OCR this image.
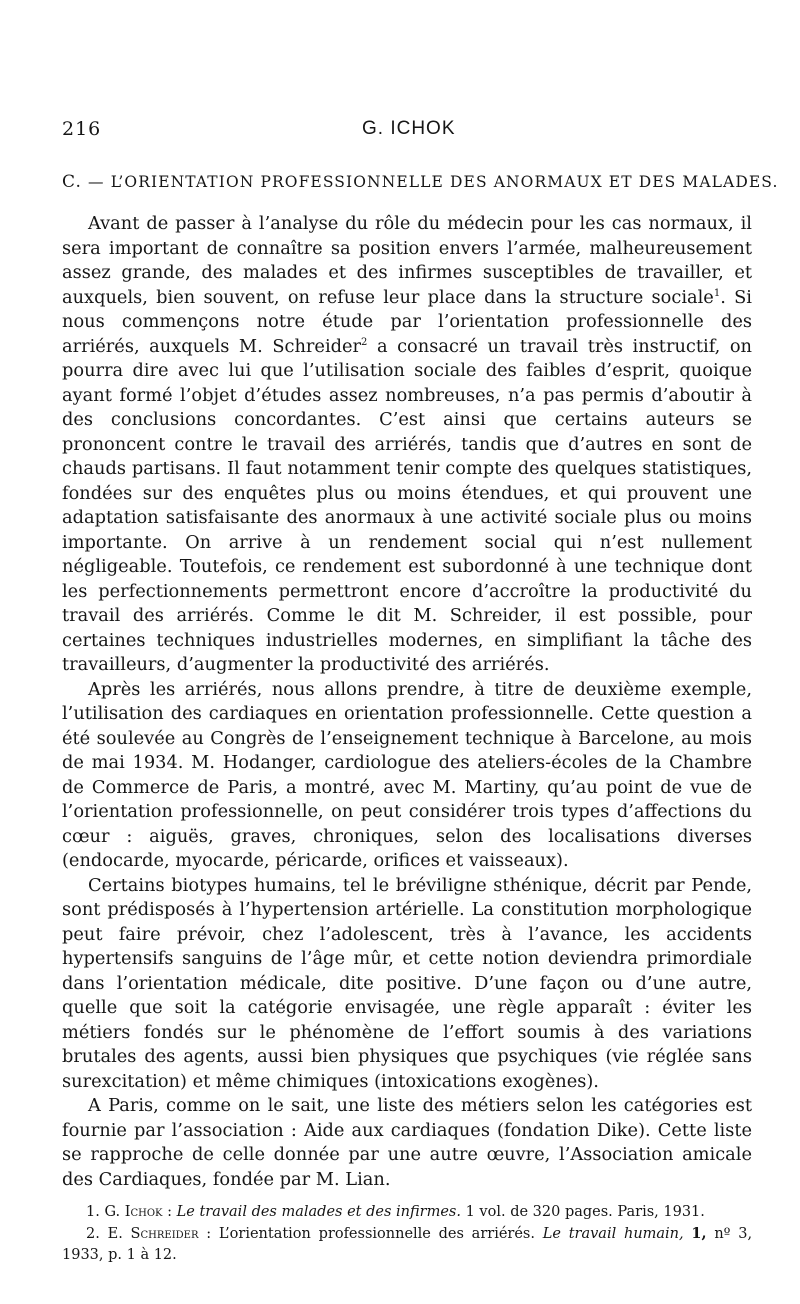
216	G. ICHOK
C. — L’ORIENTATION PROFESSIONNELLE DES ANORMAUX ET DES MALADES.

Avant de passer à l’analyse du rôle du médecin pour les cas normaux, il sera important de connaître sa position envers l’armée, malheureusement assez grande, des malades et des infirmes susceptibles de travailler, et auxquels, bien souvent, on refuse leur place dans la structure sociale$^1$. Si nous commençons notre étude par l’orientation professionnelle des arriérés, auxquels M. Schreider$^2$ a consacré un travail très instructif, on pourra dire avec lui que l’utilisation sociale des faibles d’esprit, quoique ayant formé l’objet d’études assez nombreuses, n’a pas permis d’aboutir à des conclusions concordantes. C’est ainsi que certains auteurs se prononcent contre le travail des arriérés, tandis que d’autres en sont de chauds partisans. Il faut notamment tenir compte des quelques statistiques, fondées sur des enquêtes plus ou moins étendues, et qui prouvent une adaptation satisfaisante des anormaux à une activité sociale plus ou moins importante. On arrive à un rendement social qui n’est nullement négligeable. Toutefois, ce rendement est subordonné à une technique dont les perfectionnements permettront encore d’accroître la productivité du travail des arriérés. Comme le dit M. Schreider, il est possible, pour certaines techniques industrielles modernes, en simplifiant la tâche des travailleurs, d’augmenter la productivité des arriérés.

Après les arriérés, nous allons prendre, à titre de deuxième exemple, l’utilisation des cardiaques en orientation professionnelle. Cette question a été soulevée au Congrès de l’enseignement technique à Barcelone, au mois de mai 1934. M. Hodanger, cardiologue des ateliers-écoles de la Chambre de Commerce de Paris, a montré, avec M. Martiny, qu’au point de vue de l’orientation professionnelle, on peut considérer trois types d’affections du cœur : aiguës, graves, chroniques, selon des localisations diverses (endocarde, myocarde, péricarde, orifices et vaisseaux).

Certains biotypes humains, tel le bréviligne sthénique, décrit par Pende, sont prédisposés à l’hypertension artérielle. La constitution morphologique peut faire prévoir, chez l’adolescent, très à l’avance, les accidents hypertensifs sanguins de l’âge mûr, et cette notion deviendra primordiale dans l’orientation médicale, dite positive. D’une façon ou d’une autre, quelle que soit la catégorie envisagée, une règle apparaît : éviter les métiers fondés sur le phénomène de l’effort soumis à des variations brutales des agents, aussi bien physiques que psychiques (vie réglée sans surexcitation) et même chimiques (intoxications exogènes).

A Paris, comme on le sait, une liste des métiers selon les catégories est fournie par l’association : Aide aux cardiaques (fondation Dike). Cette liste se rapproche de celle donnée par une autre œuvre, l’Association amicale des Cardiaques, fondée par M. Lian.

1. G. Ichok : Le travail des malades et des infirmes. 1 vol. de 320 pages. Paris, 1931.

2. E. Schreider : L’orientation professionnelle des arriérés. Le travail humain, 1, nº 3, 1933, p. 1 à 12.
